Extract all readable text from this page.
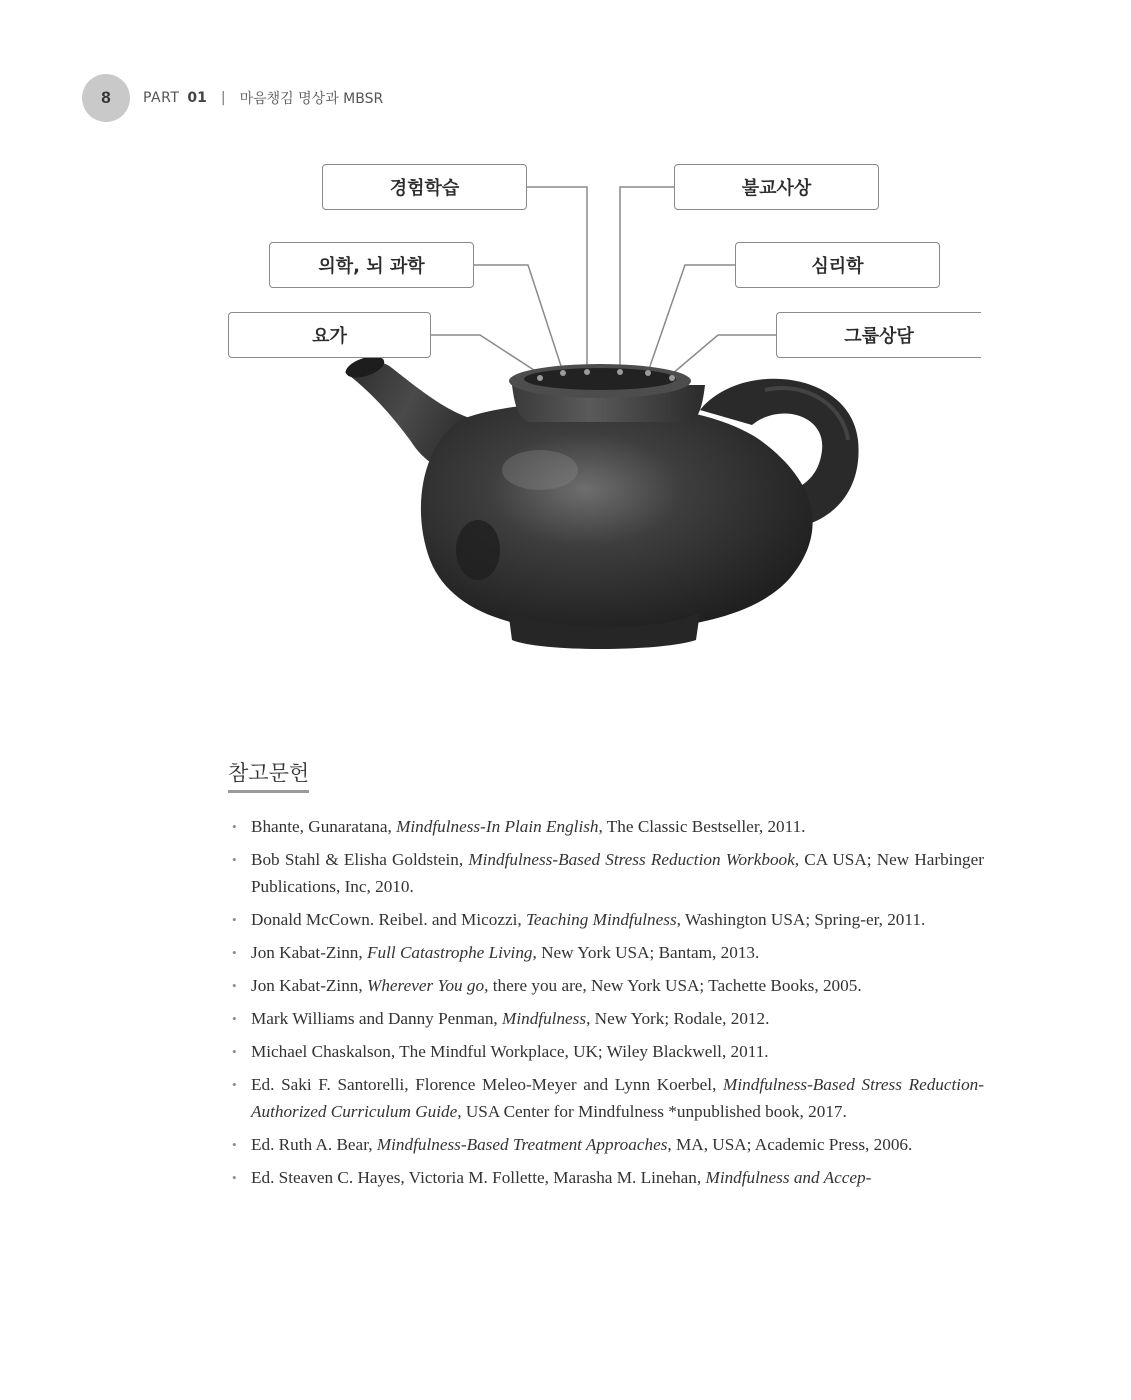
8	PART 01 | 마음챙김 명상과 MBSR
경험학습
의학, 뇌 과학
요가
불교사상
심리학
그룹상담
참고문헌
• Bhante, Gunaratana, Mindfulness-In Plain English, The Classic Bestseller, 2011.
• Bob Stahl & Elisha Goldstein, Mindfulness-Based Stress Reduction Workbook, CA USA; New Harbinger Publications, Inc, 2010.
• Donald McCown. Reibel. and Micozzi, Teaching Mindfulness, Washington USA; Spring-er, 2011.
• Jon Kabat-Zinn, Full Catastrophe Living, New York USA; Bantam, 2013.
• Jon Kabat-Zinn, Wherever You go, there you are, New York USA; Tachette Books, 2005.
• Mark Williams and Danny Penman, Mindfulness, New York; Rodale, 2012.
• Michael Chaskalson, The Mindful Workplace, UK; Wiley Blackwell, 2011.
• Ed. Saki F. Santorelli, Florence Meleo-Meyer and Lynn Koerbel, Mindfulness-Based Stress Reduction-Authorized Curriculum Guide, USA Center for Mindfulness *unpublished book, 2017.
• Ed. Ruth A. Bear, Mindfulness-Based Treatment Approaches, MA, USA; Academic Press, 2006.
• Ed. Steaven C. Hayes, Victoria M. Follette, Marasha M. Linehan, Mindfulness and Accep-
